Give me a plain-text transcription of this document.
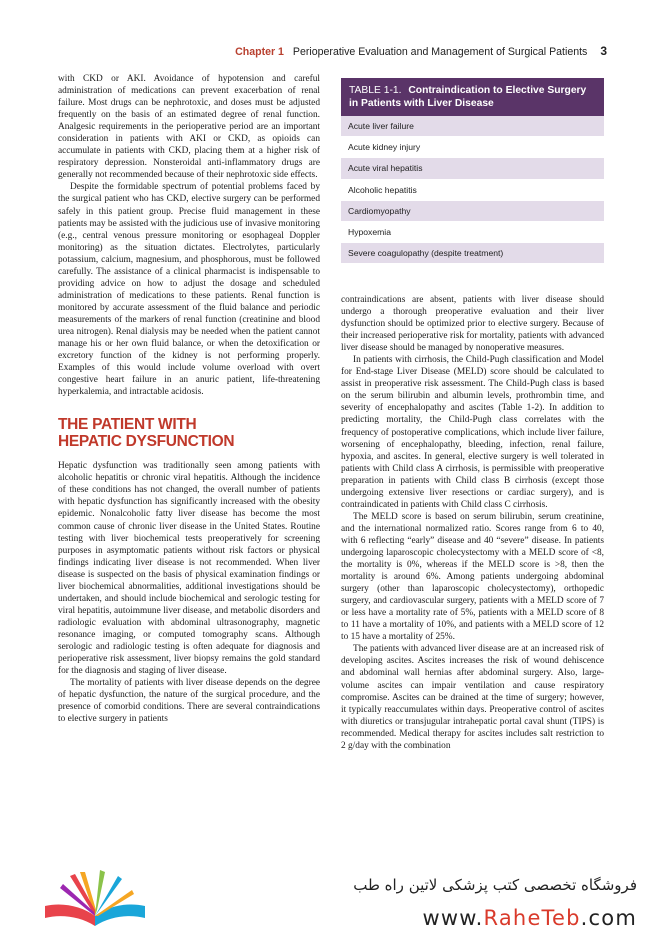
Chapter 1 Perioperative Evaluation and Management of Surgical Patients 3

with CKD or AKI. Avoidance of hypotension and careful administration of medications can prevent exacerbation of renal failure. Most drugs can be nephrotoxic, and doses must be adjusted frequently on the basis of an estimated degree of renal function. Analgesic requirements in the perioperative period are an important consideration in patients with AKI or CKD, as opioids can accumulate in patients with CKD, placing them at a higher risk of respiratory depression. Nonsteroidal anti-inflammatory drugs are generally not recommended because of their nephrotoxic side effects.

Despite the formidable spectrum of potential problems faced by the surgical patient who has CKD, elective surgery can be performed safely in this patient group. Precise fluid management in these patients may be assisted with the judicious use of invasive monitoring (e.g., central venous pressure monitoring or esophageal Doppler monitoring) as the situation dictates. Electrolytes, particularly potassium, calcium, magnesium, and phosphorous, must be followed carefully. The assistance of a clinical pharmacist is indispensable to providing advice on how to adjust the dosage and scheduled administration of medications to these patients. Renal function is monitored by accurate assessment of the fluid balance and periodic measurements of the markers of renal function (creatinine and blood urea nitrogen). Renal dialysis may be needed when the patient cannot manage his or her own fluid balance, or when the detoxification or excretory function of the kidney is not performing properly. Examples of this would include volume overload with overt congestive heart failure in an anuric patient, life-threatening hyperkalemia, and intractable acidosis.

THE PATIENT WITH
HEPATIC DYSFUNCTION

Hepatic dysfunction was traditionally seen among patients with alcoholic hepatitis or chronic viral hepatitis. Although the incidence of these conditions has not changed, the overall number of patients with hepatic dysfunction has significantly increased with the obesity epidemic. Nonalcoholic fatty liver disease has become the most common cause of chronic liver disease in the United States. Routine testing with liver biochemical tests preoperatively for screening purposes in asymptomatic patients without risk factors or physical findings indicating liver disease is not recommended. When liver disease is suspected on the basis of physical examination findings or liver biochemical abnormalities, additional investigations should be undertaken, and should include biochemical and serologic testing for viral hepatitis, autoimmune liver disease, and metabolic disorders and radiologic evaluation with abdominal ultrasonography, magnetic resonance imaging, or computed tomography scans. Although serologic and radiologic testing is often adequate for diagnosis and perioperative risk assessment, liver biopsy remains the gold standard for the diagnosis and staging of liver disease.

The mortality of patients with liver disease depends on the degree of hepatic dysfunction, the nature of the surgical procedure, and the presence of comorbid conditions. There are several contraindications to elective surgery in patients

TABLE 1-1. Contraindication to Elective Surgery in Patients with Liver Disease
Acute liver failure
Acute kidney injury
Acute viral hepatitis
Alcoholic hepatitis
Cardiomyopathy
Hypoxemia
Severe coagulopathy (despite treatment)

contraindications are absent, patients with liver disease should undergo a thorough preoperative evaluation and their liver dysfunction should be optimized prior to elective surgery. Because of their increased perioperative risk for mortality, patients with advanced liver disease should be managed by nonoperative measures.

In patients with cirrhosis, the Child-Pugh classification and Model for End-stage Liver Disease (MELD) score should be calculated to assist in preoperative risk assessment. The Child-Pugh class is based on the serum bilirubin and albumin levels, prothrombin time, and severity of encephalopathy and ascites (Table 1-2). In addition to predicting mortality, the Child-Pugh class correlates with the frequency of postoperative complications, which include liver failure, worsening of encephalopathy, bleeding, infection, renal failure, hypoxia, and ascites. In general, elective surgery is well tolerated in patients with Child class A cirrhosis, is permissible with preoperative preparation in patients with Child class B cirrhosis (except those undergoing extensive liver resections or cardiac surgery), and is contraindicated in patients with Child class C cirrhosis.

The MELD score is based on serum bilirubin, serum creatinine, and the international normalized ratio. Scores range from 6 to 40, with 6 reflecting “early” disease and 40 “severe” disease. In patients undergoing laparoscopic cholecystectomy with a MELD score of <8, the mortality is 0%, whereas if the MELD score is >8, then the mortality is around 6%. Among patients undergoing abdominal surgery (other than laparoscopic cholecystectomy), orthopedic surgery, and cardiovascular surgery, patients with a MELD score of 7 or less have a mortality rate of 5%, patients with a MELD score of 8 to 11 have a mortality of 10%, and patients with a MELD score of 12 to 15 have a mortality of 25%.

The patients with advanced liver disease are at an increased risk of developing ascites. Ascites increases the risk of wound dehiscence and abdominal wall hernias after abdominal surgery. Also, large-volume ascites can impair ventilation and cause respiratory compromise. Ascites can be drained at the time of surgery; however, it typically reaccumulates within days. Preoperative control of ascites with diuretics or transjugular intrahepatic portal caval shunt (TIPS) is recommended. Medical therapy for ascites includes salt restriction to 2 g/day with the combination

فروشگاه تخصصی کتب پزشکی لاتین راه طب
www.RaheTeb.com
